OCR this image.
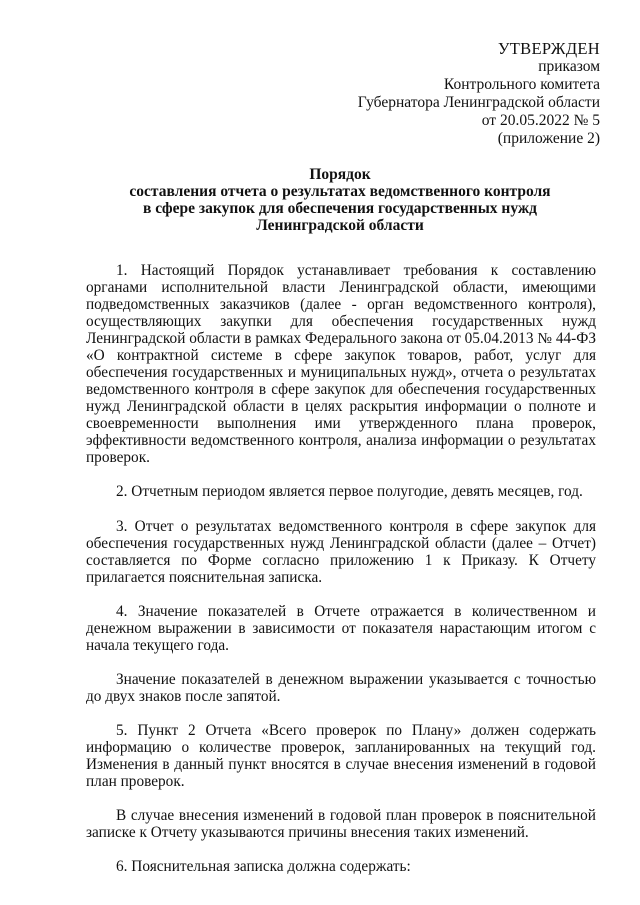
УТВЕРЖДЕН
приказом
Контрольного комитета
Губернатора Ленинградской области
от 20.05.2022 № 5
(приложение 2)
Порядок
составления отчета о результатах ведомственного контроля
в сфере закупок для обеспечения государственных нужд
Ленинградской области

1. Настоящий Порядок устанавливает требования к составлению органами исполнительной власти Ленинградской области, имеющими подведомственных заказчиков (далее - орган ведомственного контроля), осуществляющих закупки для обеспечения государственных нужд Ленинградской области в рамках Федерального закона от 05.04.2013 № 44-ФЗ «О контрактной системе в сфере закупок товаров, работ, услуг для обеспечения государственных и муниципальных нужд», отчета о результатах ведомственного контроля в сфере закупок для обеспечения государственных нужд Ленинградской области в целях раскрытия информации о полноте и своевременности выполнения ими утвержденного плана проверок, эффективности ведомственного контроля, анализа информации о результатах проверок.

2. Отчетным периодом является первое полугодие, девять месяцев, год.

3. Отчет о результатах ведомственного контроля в сфере закупок для обеспечения государственных нужд Ленинградской области (далее – Отчет) составляется по Форме согласно приложению 1 к Приказу. К Отчету прилагается пояснительная записка.

4. Значение показателей в Отчете отражается в количественном и денежном выражении в зависимости от показателя нарастающим итогом с начала текущего года.

Значение показателей в денежном выражении указывается с точностью до двух знаков после запятой.

5. Пункт 2 Отчета «Всего проверок по Плану» должен содержать информацию о количестве проверок, запланированных на текущий год. Изменения в данный пункт вносятся в случае внесения изменений в годовой план проверок.

В случае внесения изменений в годовой план проверок в пояснительной записке к Отчету указываются причины внесения таких изменений.

6. Пояснительная записка должна содержать:
